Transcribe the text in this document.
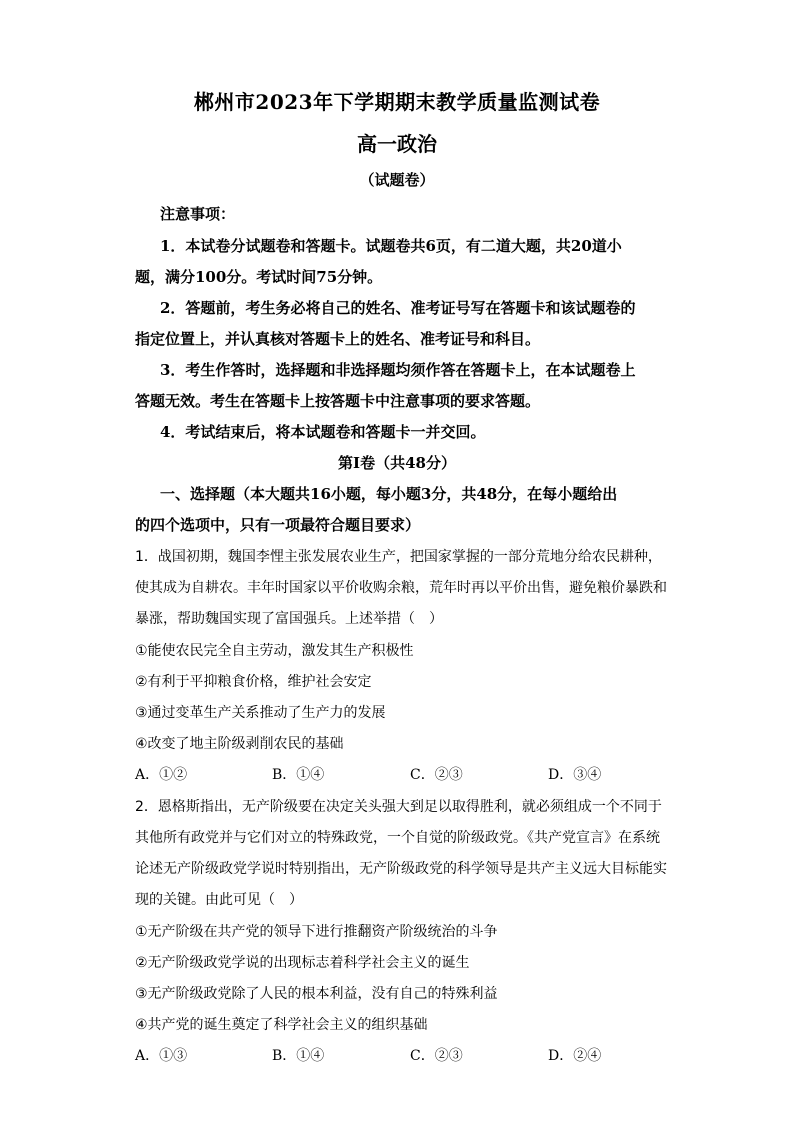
郴州市2023年下学期期末教学质量监测试卷
高一政治
（试题卷）
注意事项：
1．本试卷分试题卷和答题卡。试题卷共6页，有二道大题，共20道小
题，满分100分。考试时间75分钟。
2．答题前，考生务必将自己的姓名、准考证号写在答题卡和该试题卷的
指定位置上，并认真核对答题卡上的姓名、准考证号和科目。
3．考生作答时，选择题和非选择题均须作答在答题卡上，在本试题卷上
答题无效。考生在答题卡上按答题卡中注意事项的要求答题。
4．考试结束后，将本试题卷和答题卡一并交回。
第Ⅰ卷（共48分）
一、选择题（本大题共16小题，每小题3分，共48分，在每小题给出
的四个选项中，只有一项最符合题目要求）
1．战国初期，魏国李悝主张发展农业生产，把国家掌握的一部分荒地分给农民耕种，
使其成为自耕农。丰年时国家以平价收购余粮，荒年时再以平价出售，避免粮价暴跌和
暴涨，帮助魏国实现了富国强兵。上述举措（　）
①能使农民完全自主劳动，激发其生产积极性
②有利于平抑粮食价格，维护社会安定
③通过变革生产关系推动了生产力的发展
④改变了地主阶级剥削农民的基础
A．①②	B．①④	C．②③	D．③④
2．恩格斯指出，无产阶级要在决定关头强大到足以取得胜利，就必须组成一个不同于
其他所有政党并与它们对立的特殊政党，一个自觉的阶级政党。《共产党宣言》在系统
论述无产阶级政党学说时特别指出，无产阶级政党的科学领导是共产主义远大目标能实
现的关键。由此可见（　）
①无产阶级在共产党的领导下进行推翻资产阶级统治的斗争
②无产阶级政党学说的出现标志着科学社会主义的诞生
③无产阶级政党除了人民的根本利益，没有自己的特殊利益
④共产党的诞生奠定了科学社会主义的组织基础
A．①③	B．①④	C．②③	D．②④
